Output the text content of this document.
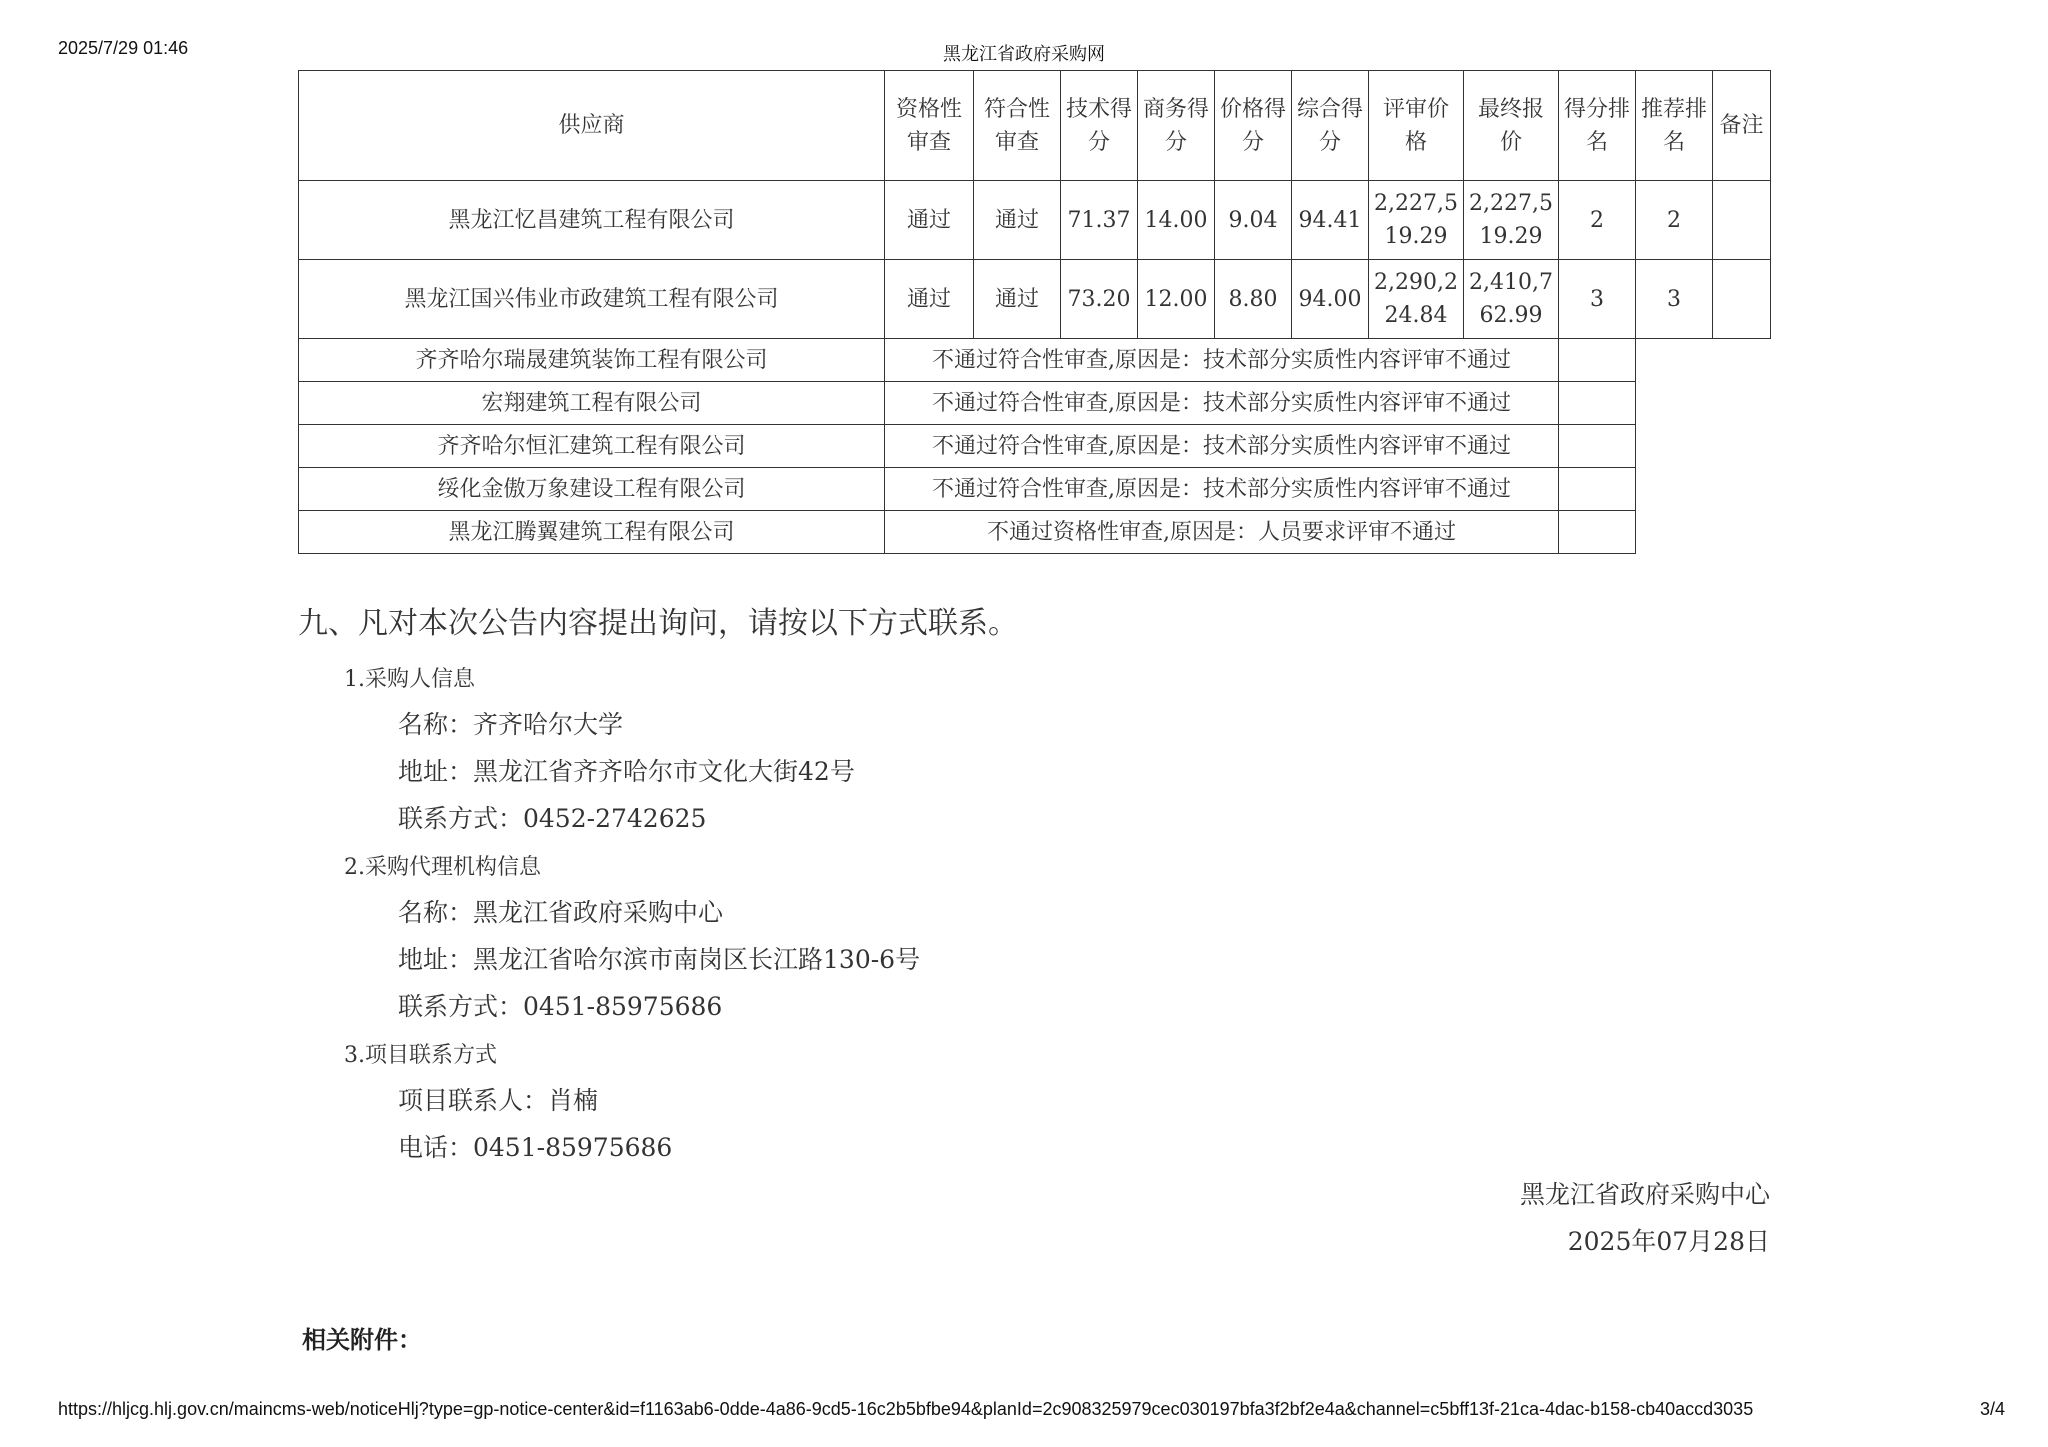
2025/7/29 01:46	黑龙江省政府采购网
供应商	资格性审查	符合性审查	技术得分	商务得分	价格得分	综合得分	评审价格	最终报价	得分排名	推荐排名	备注
黑龙江忆昌建筑工程有限公司	通过	通过	71.37	14.00	9.04	94.41	2,227,519.29	2,227,519.29	2	2	
黑龙江国兴伟业市政建筑工程有限公司	通过	通过	73.20	12.00	8.80	94.00	2,290,224.84	2,410,762.99	3	3	
齐齐哈尔瑞晟建筑装饰工程有限公司	不通过符合性审查,原因是：技术部分实质性内容评审不通过										
宏翔建筑工程有限公司	不通过符合性审查,原因是：技术部分实质性内容评审不通过										
齐齐哈尔恒汇建筑工程有限公司	不通过符合性审查,原因是：技术部分实质性内容评审不通过										
绥化金傲万象建设工程有限公司	不通过符合性审查,原因是：技术部分实质性内容评审不通过										
黑龙江腾翼建筑工程有限公司	不通过资格性审查,原因是：人员要求评审不通过										
九、凡对本次公告内容提出询问，请按以下方式联系。
1.采购人信息
名称：齐齐哈尔大学
地址：黑龙江省齐齐哈尔市文化大街42号
联系方式：0452-2742625
2.采购代理机构信息
名称：黑龙江省政府采购中心
地址：黑龙江省哈尔滨市南岗区长江路130-6号
联系方式：0451-85975686
3.项目联系方式
项目联系人：肖楠
电话：0451-85975686
黑龙江省政府采购中心
2025年07月28日
相关附件：
https://hljcg.hlj.gov.cn/maincms-web/noticeHlj?type=gp-notice-center&id=f1163ab6-0dde-4a86-9cd5-16c2b5bfbe94&planId=2c908325979cec030197bfa3f2bf2e4a&channel=c5bff13f-21ca-4dac-b158-cb40accd3035	3/4
